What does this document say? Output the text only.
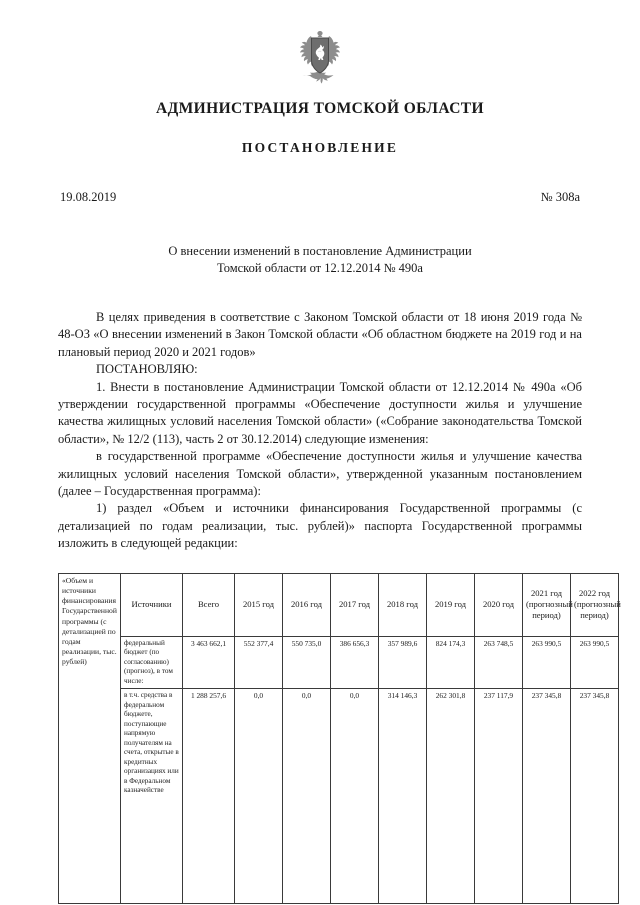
АДМИНИСТРАЦИЯ ТОМСКОЙ ОБЛАСТИ
ПОСТАНОВЛЕНИЕ
19.08.2019	№ 308а
О внесении изменений в постановление Администрации
Томской области от 12.12.2014 № 490а

В целях приведения в соответствие с Законом Томской области от 18 июня 2019 года № 48-ОЗ «О внесении изменений в Закон Томской области «Об областном бюджете на 2019 год и на плановый период 2020 и 2021 годов»

ПОСТАНОВЛЯЮ:

1. Внести в постановление Администрации Томской области от 12.12.2014 № 490а «Об утверждении государственной программы «Обеспечение доступности жилья и улучшение качества жилищных условий населения Томской области» («Собрание законодательства Томской области», № 12/2 (113), часть 2 от 30.12.2014) следующие изменения:

в государственной программе «Обеспечение доступности жилья и улучшение качества жилищных условий населения Томской области», утвержденной указанным постановлением (далее – Государственная программа):

1) раздел «Объем и источники финансирования Государственной программы (с детализацией по годам реализации, тыс. рублей)» паспорта Государственной программы изложить в следующей редакции:

«Объем и источники финансирования Государственной программы (с детализацией по годам реализации, тыс. рублей)	Источники	Всего	2015 год	2016 год	2017 год	2018 год	2019 год	2020 год	2021 год (прогнозный период)	2022 год (прогнозный период)
	федеральный бюджет (по согласованию) (прогноз), в том числе:	3 463 662,1	552 377,4	550 735,0	386 656,3	357 989,6	824 174,3	263 748,5	263 990,5	263 990,5
	в т.ч. средства в федеральном бюджете, поступающие напрямую получателям на счета, открытые в кредитных организациях или в Федеральном казначействе	1 288 257,6	0,0	0,0	0,0	314 146,3	262 301,8	237 117,9	237 345,8	237 345,8
